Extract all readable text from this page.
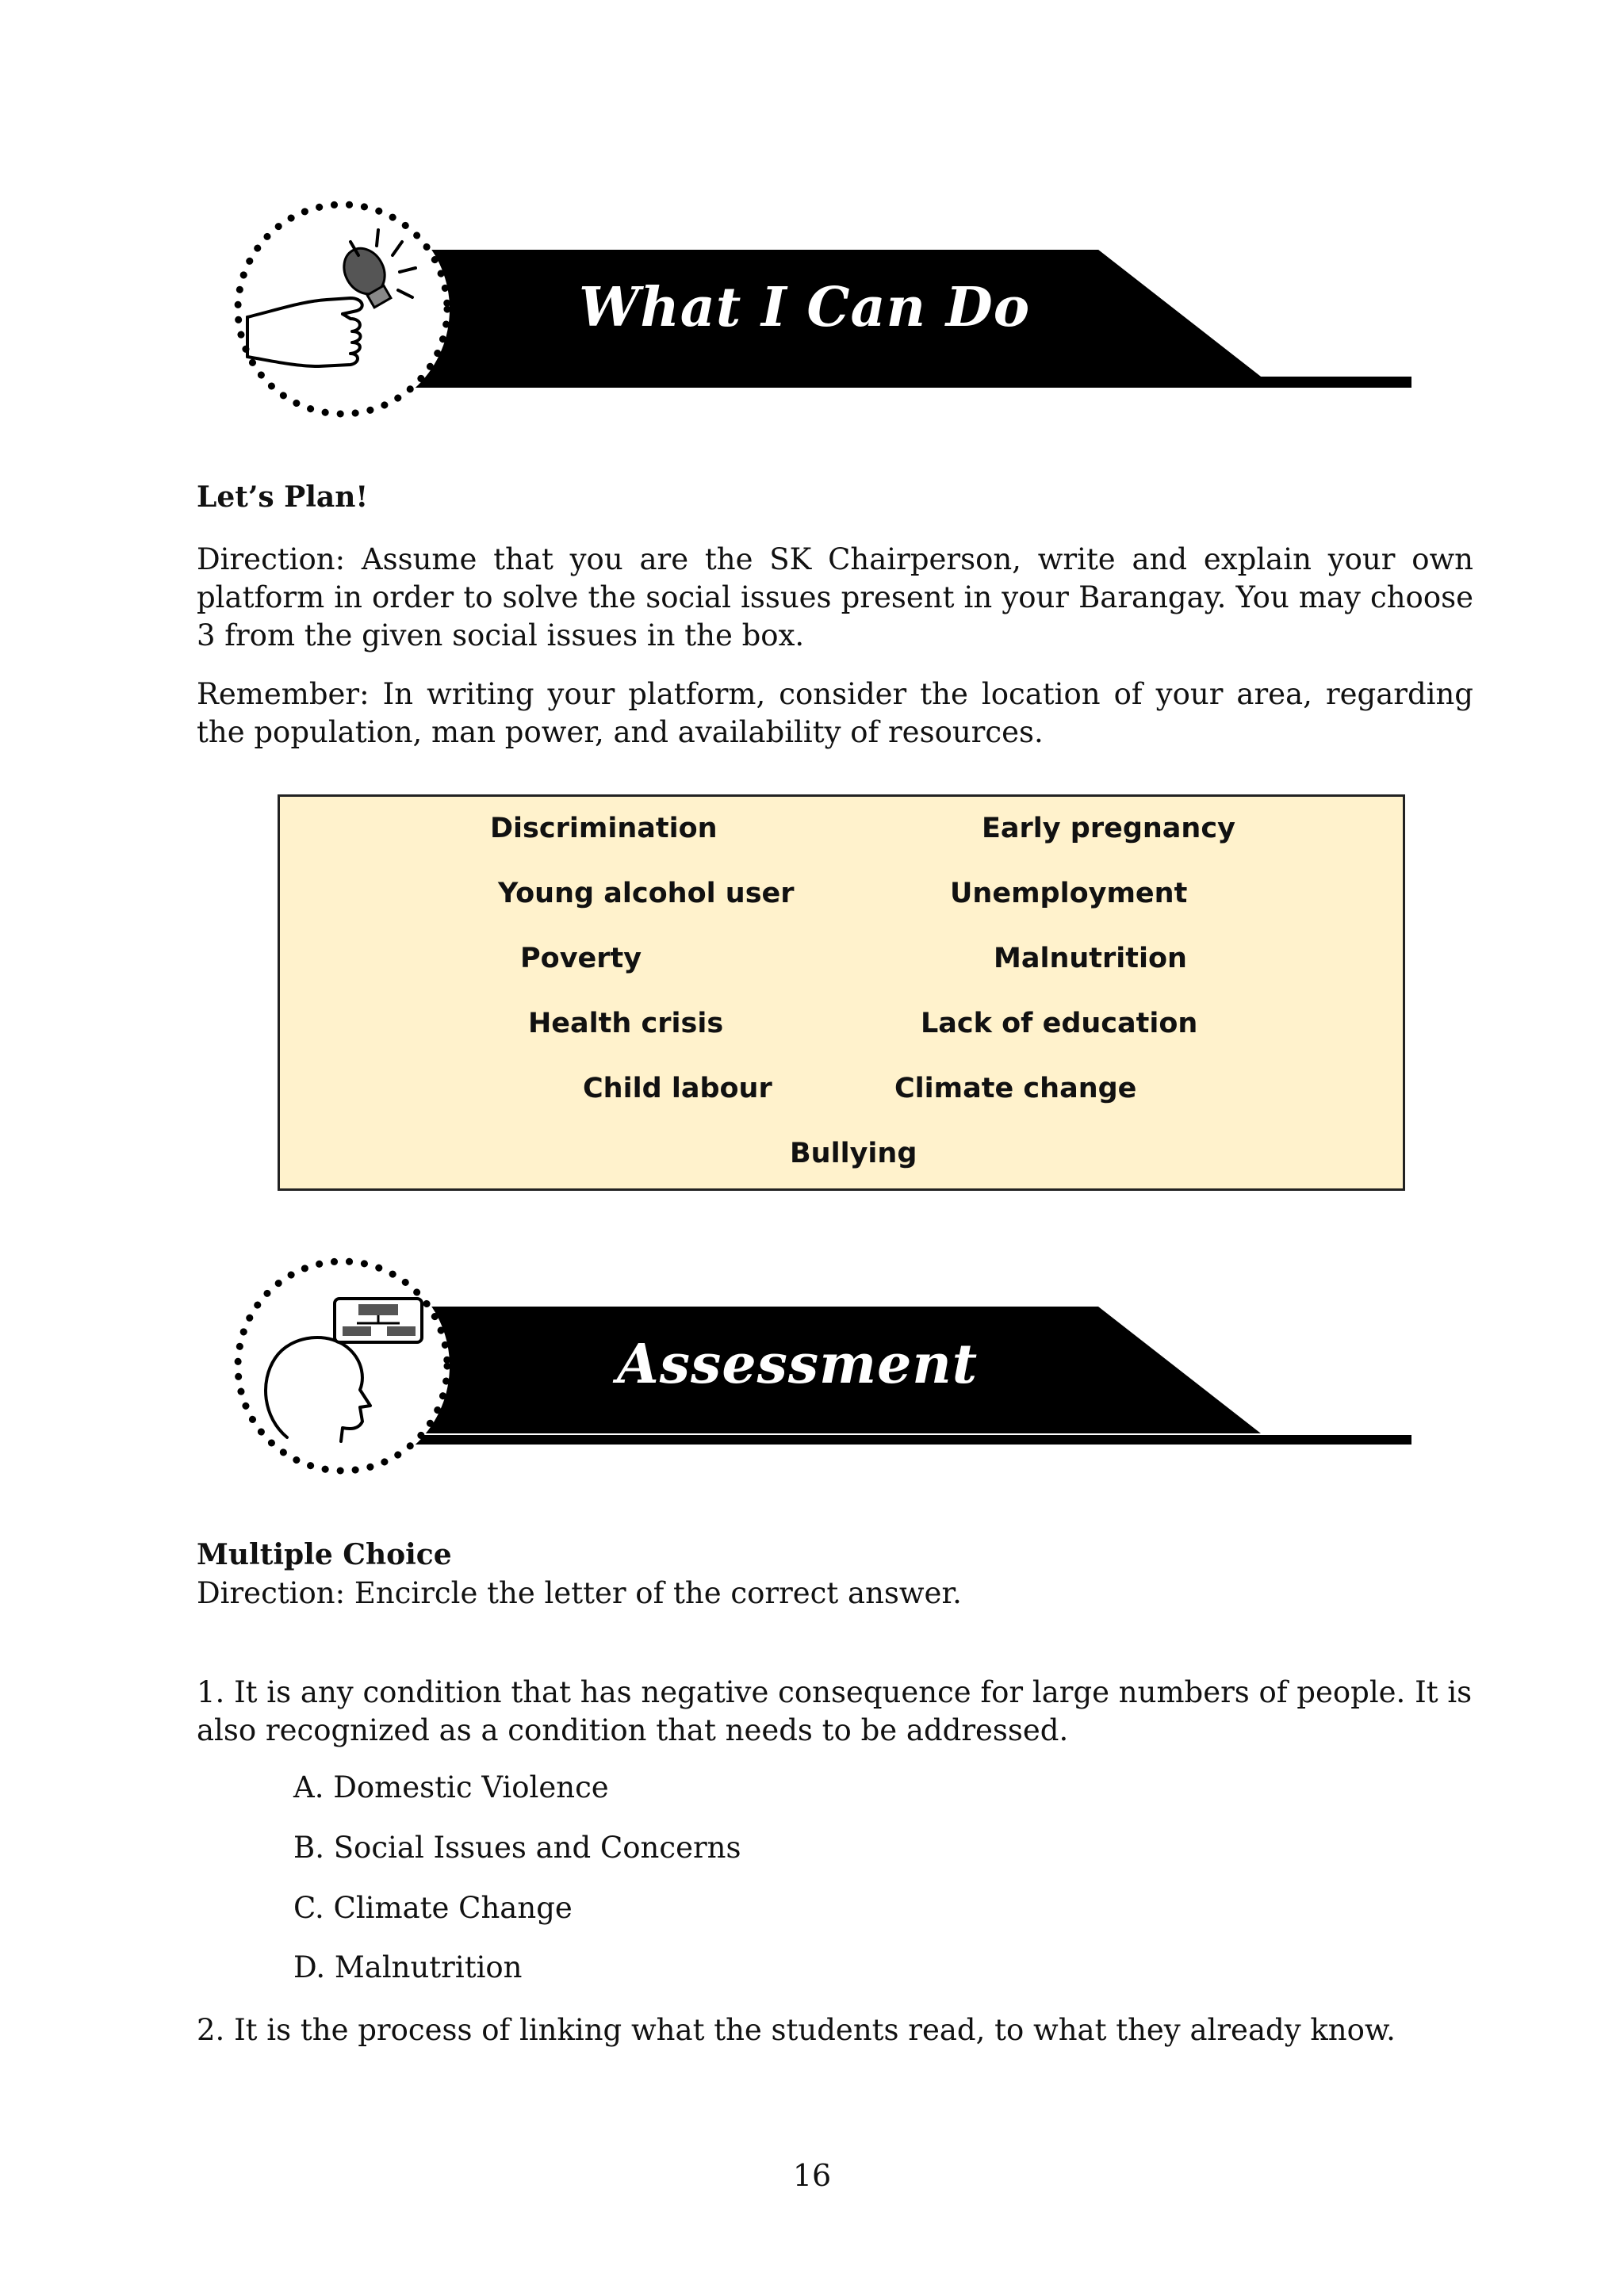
What I Can Do
Let’s Plan!

Direction: Assume that you are the SK Chairperson, write and explain your own platform in order to solve the social issues present in your Barangay. You may choose 3 from the given social issues in the box.

Remember: In writing your platform, consider the location of your area, regarding the population, man power, and availability of resources.

Discrimination	Early pregnancy
Young alcohol user	Unemployment
Poverty	Malnutrition
Health crisis	Lack of education
Child labour	Climate change
Bullying
Assessment
Multiple Choice

Direction: Encircle the letter of the correct answer.

1. It is any condition that has negative consequence for large numbers of people. It is also recognized as a condition that needs to be addressed.

A. Domestic Violence
B. Social Issues and Concerns
C. Climate Change
D. Malnutrition

2. It is the process of linking what the students read, to what they already know.

16
